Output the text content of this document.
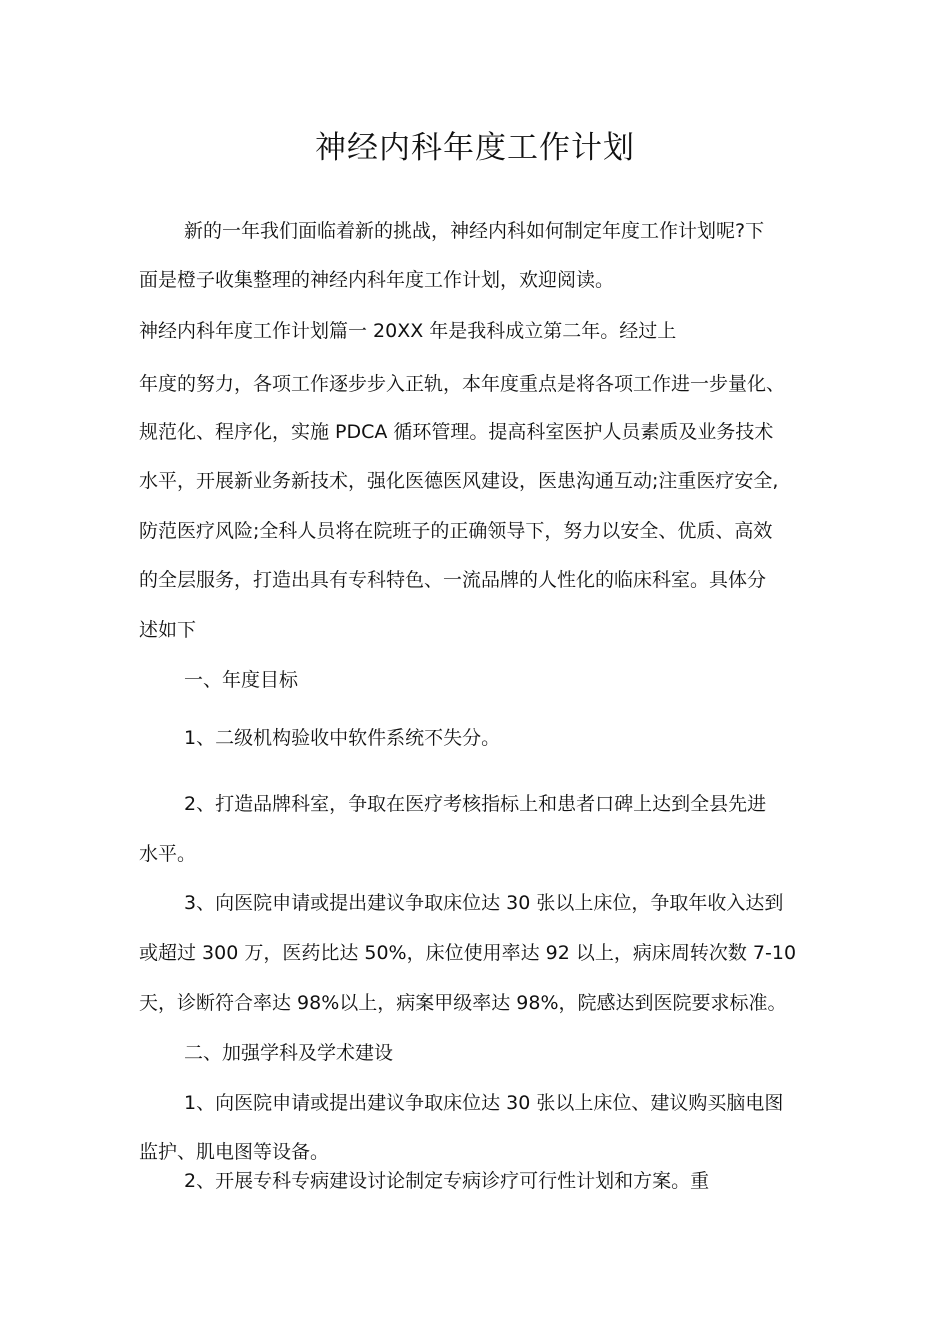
神经内科年度工作计划
新的一年我们面临着新的挑战，神经内科如何制定年度工作计划呢?下
面是橙子收集整理的神经内科年度工作计划，欢迎阅读。
神经内科年度工作计划篇一 20XX 年是我科成立第二年。经过上
年度的努力，各项工作逐步步入正轨，本年度重点是将各项工作进一步量化、
规范化、程序化，实施 PDCA 循环管理。提高科室医护人员素质及业务技术
水平，开展新业务新技术，强化医德医风建设，医患沟通互动;注重医疗安全,
防范医疗风险;全科人员将在院班子的正确领导下，努力以安全、优质、高效
的全层服务，打造出具有专科特色、一流品牌的人性化的临床科室。具体分
述如下
一、年度目标
1、二级机构验收中软件系统不失分。
2、打造品牌科室，争取在医疗考核指标上和患者口碑上达到全县先进
水平。
3、向医院申请或提出建议争取床位达 30 张以上床位，争取年收入达到
或超过 300 万，医药比达 50%，床位使用率达 92 以上，病床周转次数 7-10
天，诊断符合率达 98%以上，病案甲级率达 98%，院感达到医院要求标准。
二、加强学科及学术建设
1、向医院申请或提出建议争取床位达 30 张以上床位、建议购买脑电图
监护、肌电图等设备。
2、开展专科专病建设讨论制定专病诊疗可行性计划和方案。重
